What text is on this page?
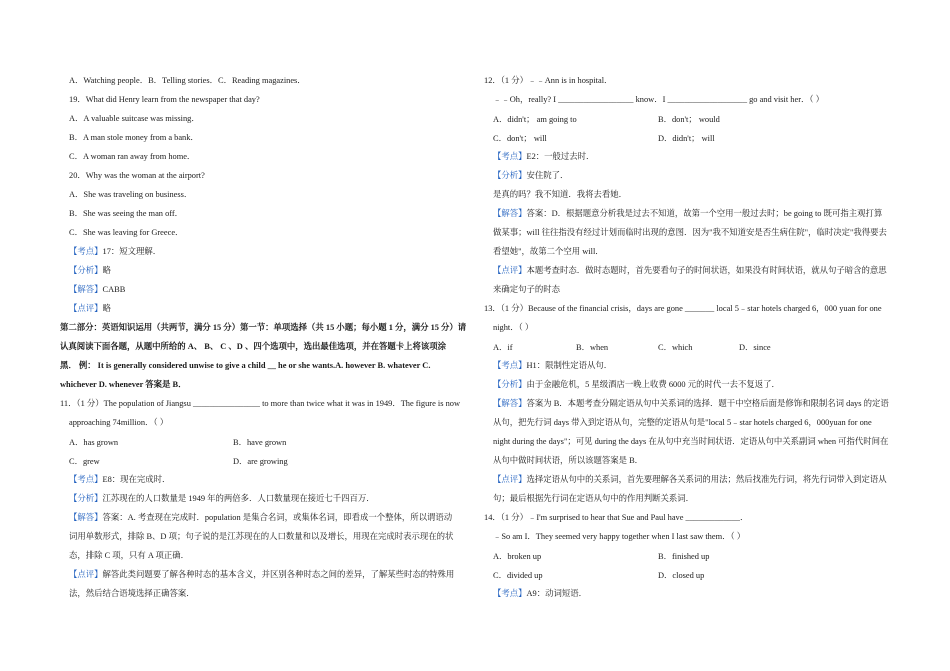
A．Watching people．B．Telling stories．C．Reading magazines．
19．What did Henry learn from the newspaper that day?
A．A valuable suitcase was missing．
B．A man stole money from a bank．
C．A woman ran away from home．
20．Why was the woman at the airport?
A．She was traveling on business．
B．She was seeing the man off．
C．She was leaving for Greece．
【考点】17：短文理解．
【分析】略
【解答】CABB
【点评】略
第二部分：英语知识运用（共两节，满分 15 分）第一节：单项选择（共 15 小题；每小题 1 分，满分 15 分）请
认真阅读下面各题，从题中所给的 A、 B、 C 、D 、四个选项中，选出最佳选项，并在答题卡上将该项涂
黑． 例： It is generally considered unwise to give a child __ he or she wants.A. however B. whatever C.
whichever D. whenever 答案是 B．
11．（1 分）The population of Jiangsu ________________ to more than twice what it was in 1949．The figure is now
approaching 74million．（ ）
A．has grown	B．have grown
C．grew	D．are growing
【考点】E8：现在完成时．
【分析】江苏现在的人口数量是 1949 年的两倍多．人口数量现在接近七千四百万．
【解答】答案：A. 考查现在完成时．population 是集合名词，或集体名词，即看成一个整体，所以谓语动
词用单数形式，排除 B、D 项；句子说的是江苏现在的人口数量和以及增长，用现在完成时表示现在的状
态，排除 C 项，只有 A 项正确．
【点评】解答此类问题要了解各种时态的基本含义，并区别各种时态之间的差异，了解某些时态的特殊用
法，然后结合语境选择正确答案．
12．（1 分）﹣﹣Ann is in hospital．
﹣﹣Oh，really? I __________________ know．I ___________________ go and visit her．（ ）
A．didn't； am going to	B．don't； would
C．don't； will	D．didn't； will
【考点】E2：一般过去时．
【分析】安住院了．
是真的吗？我不知道．我将去看她．
【解答】答案：D．根据题意分析我是过去不知道，故第一个空用一般过去时；be going to 既可指主观打算
做某事；will 往往指没有经过计划而临时出现的意图．因为"我不知道安是否生病住院"，临时决定"我得要去
看望她"，故第二个空用 will．
【点评】本题考查时态．做时态题时，首先要看句子的时间状语，如果没有时间状语，就从句子暗含的意思
来确定句子的时态
13．（1 分）Because of the financial crisis，days are gone _______ local 5﹣star hotels charged 6，000 yuan for one
night．（ ）
A．if	B．when	C．which	D．since
【考点】H1：限制性定语从句．
【分析】由于金融危机，5 星级酒店一晚上收费 6000 元的时代一去不复返了．
【解答】答案为 B．本题考查分隔定语从句中关系词的选择．题干中空格后面是修饰和限制名词 days 的定语
从句，把先行词 days 带入到定语从句，完整的定语从句是"local 5﹣star hotels charged 6，000yuan for one
night during the days"；可见 during the days 在从句中充当时间状语．定语从句中关系副词 when 可指代时间在
从句中做时间状语，所以该题答案是 B．
【点评】选择定语从句中的关系词，首先要理解各关系词的用法；然后找准先行词，将先行词带入到定语从
句；最后根据先行词在定语从句中的作用判断关系词．
14．（1 分）﹣I'm surprised to hear that Sue and Paul have _____________．
﹣So am I．They seemed very happy together when I last saw them．（ ）
A．broken up	B．finished up
C．divided up	D．closed up
【考点】A9：动词短语．
